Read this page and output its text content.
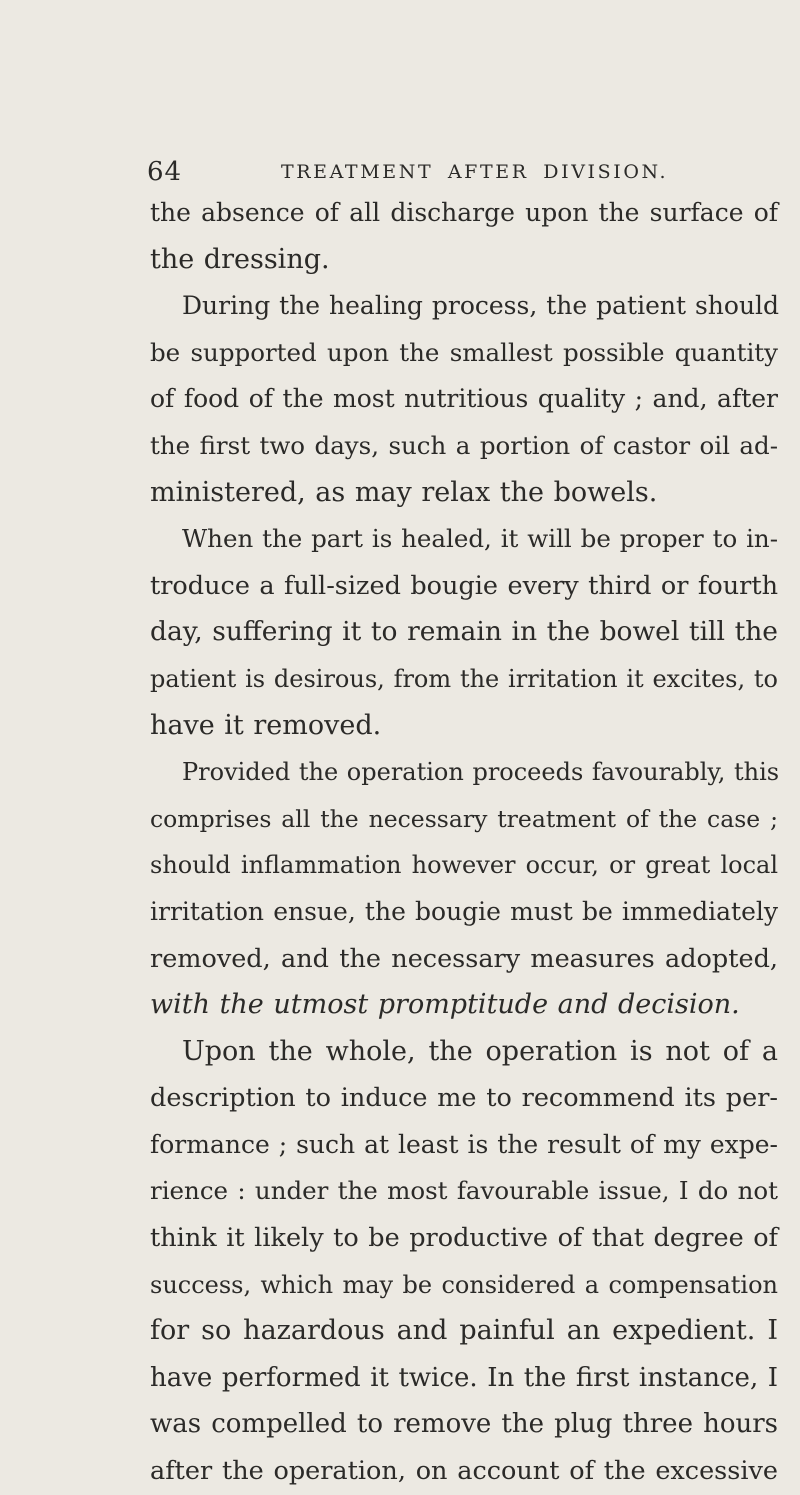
64	TREATMENT AFTER DIVISION.
the absence of all discharge upon the surface of
the dressing.
During the healing process, the patient should
be supported upon the smallest possible quantity
of food of the most nutritious quality ; and, after
the first two days, such a portion of castor oil ad-
ministered, as may relax the bowels.
When the part is healed, it will be proper to in-
troduce a full-sized bougie every third or fourth
day, suffering it to remain in the bowel till the
patient is desirous, from the irritation it excites, to
have it removed.
Provided the operation proceeds favourably, this
comprises all the necessary treatment of the case ;
should inflammation however occur, or great local
irritation ensue, the bougie must be immediately
removed, and the necessary measures adopted,
with the utmost promptitude and decision.
Upon the whole, the operation is not of a
description to induce me to recommend its per-
formance ; such at least is the result of my expe-
rience : under the most favourable issue, I do not
think it likely to be productive of that degree of
success, which may be considered a compensation
for so hazardous and painful an expedient. I
have performed it twice. In the first instance, I
was compelled to remove the plug three hours
after the operation, on account of the excessive
